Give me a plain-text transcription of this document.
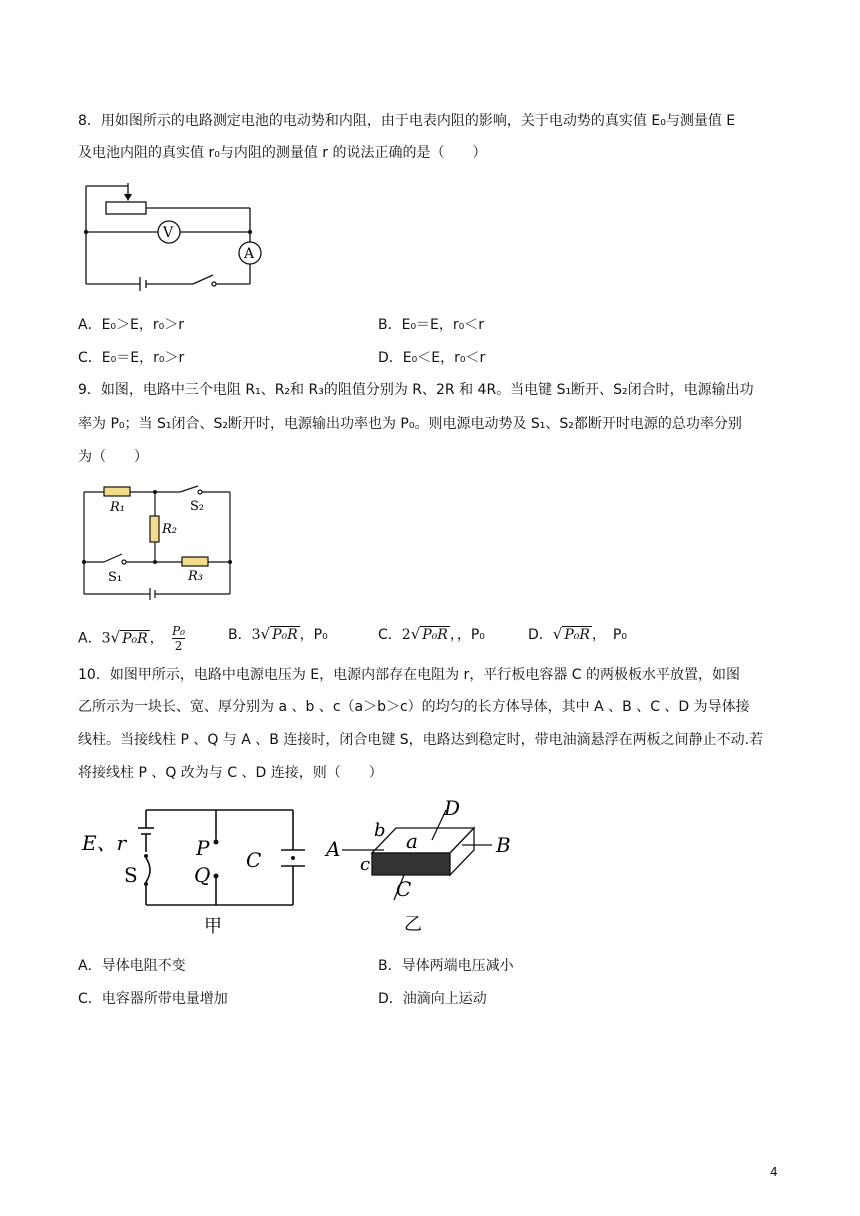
8．用如图所示的电路测定电池的电动势和内阻，由于电表内阻的影响，关于电动势的真实值 E₀与测量值 E
及电池内阻的真实值 r₀与内阻的测量值 r 的说法正确的是（　　）
V
A
A．E₀＞E，r₀＞r	B．E₀＝E，r₀＜r
C．E₀＝E，r₀＞r	D．E₀＜E，r₀＜r
9．如图，电路中三个电阻 R₁、R₂和 R₃的阻值分别为 R、2R 和 4R。当电键 S₁断开、S₂闭合时，电源输出功
率为 P₀；当 S₁闭合、S₂断开时，电源输出功率也为 P₀。则电源电动势及 S₁、S₂都断开时电源的总功率分别
为（　　）
R₁
R₂
R₃
S₁
S₂
A．3√ P₀R ， $\frac{\text{P₀}}{2}$	B．3√ P₀R ，P₀	C．2√ P₀R ，，P₀	D．√ P₀R ，　P₀
10．如图甲所示，电路中电源电压为 E，电源内部存在电阻为 r，平行板电容器 C 的两极板水平放置，如图
乙所示为一块长、宽、厚分别为 a 、b 、c（a＞b＞c）的均匀的长方体导体，其中 A 、B 、C 、D 为导体接
线柱。当接线柱 P 、Q 与 A 、B 连接时，闭合电键 S，电路达到稳定时，带电油滴悬浮在两板之间静止不动.若
将接线柱 P 、Q 改为与 C 、D 连接，则（　　）
E、r
S
P
Q
C
甲
A	B
C
D
a
b
c
乙
A．导体电阻不变	B．导体两端电压减小
C．电容器所带电量增加	D．油滴向上运动
4
